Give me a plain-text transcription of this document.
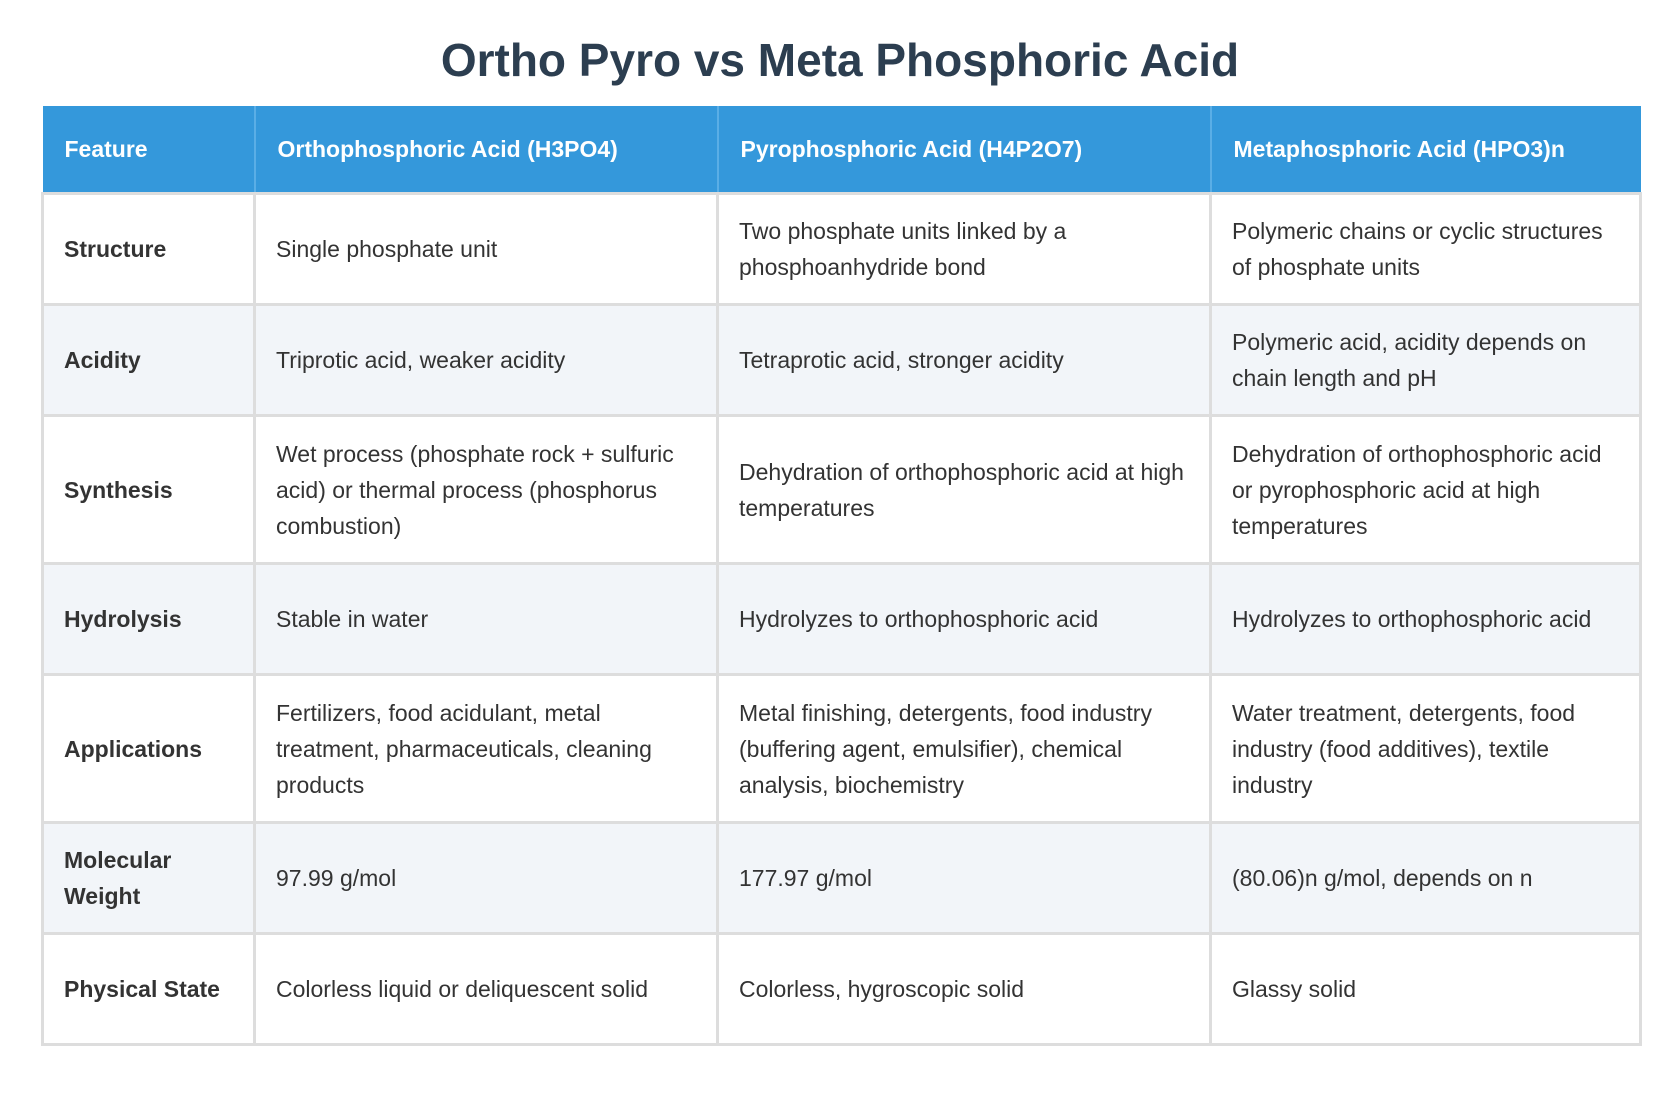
Ortho Pyro vs Meta Phosphoric Acid
Feature	Orthophosphoric Acid (H3PO4)	Pyrophosphoric Acid (H4P2O7)	Metaphosphoric Acid (HPO3)n
Structure	Single phosphate unit	Two phosphate units linked by a phosphoanhydride bond	Polymeric chains or cyclic structures of phosphate units
Acidity	Triprotic acid, weaker acidity	Tetraprotic acid, stronger acidity	Polymeric acid, acidity depends on chain length and pH
Synthesis	Wet process (phosphate rock + sulfuric acid) or thermal process (phosphorus combustion)	Dehydration of orthophosphoric acid at high temperatures	Dehydration of orthophosphoric acid or pyrophosphoric acid at high temperatures
Hydrolysis	Stable in water	Hydrolyzes to orthophosphoric acid	Hydrolyzes to orthophosphoric acid
Applications	Fertilizers, food acidulant, metal treatment, pharmaceuticals, cleaning products	Metal finishing, detergents, food industry (buffering agent, emulsifier), chemical analysis, biochemistry	Water treatment, detergents, food industry (food additives), textile industry
Molecular Weight	97.99 g/mol	177.97 g/mol	(80.06)n g/mol, depends on n
Physical State	Colorless liquid or deliquescent solid	Colorless, hygroscopic solid	Glassy solid
